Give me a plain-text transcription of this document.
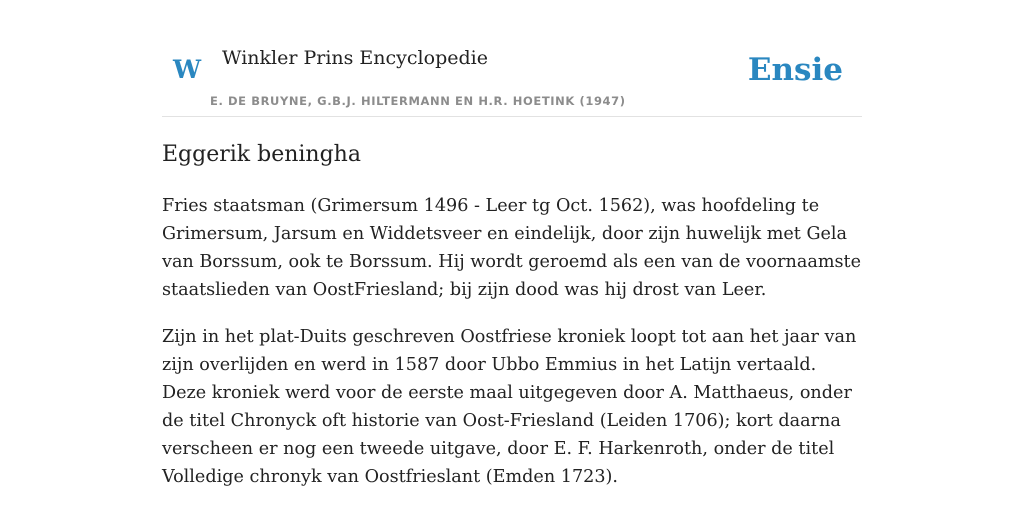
W Winkler Prins Encyclopedie
E. DE BRUYNE, G.B.J. HILTERMANN EN H.R. HOETINK (1947)
Ensie
Eggerik beningha

Fries staatsman (Grimersum 1496 - Leer tg Oct. 1562), was hoofdeling te Grimersum, Jarsum en Widdetsveer en eindelijk, door zijn huwelijk met Gela van Borssum, ook te Borssum. Hij wordt geroemd als een van de voornaamste staatslieden van OostFriesland; bij zijn dood was hij drost van Leer.

Zijn in het plat-Duits geschreven Oostfriese kroniek loopt tot aan het jaar van zijn overlijden en werd in 1587 door Ubbo Emmius in het Latijn vertaald. Deze kroniek werd voor de eerste maal uitgegeven door A. Matthaeus, onder de titel Chronyck oft historie van Oost-Friesland (Leiden 1706); kort daarna verscheen er nog een tweede uitgave, door E. F. Harkenroth, onder de titel Volledige chronyk van Oostfrieslant (Emden 1723).
